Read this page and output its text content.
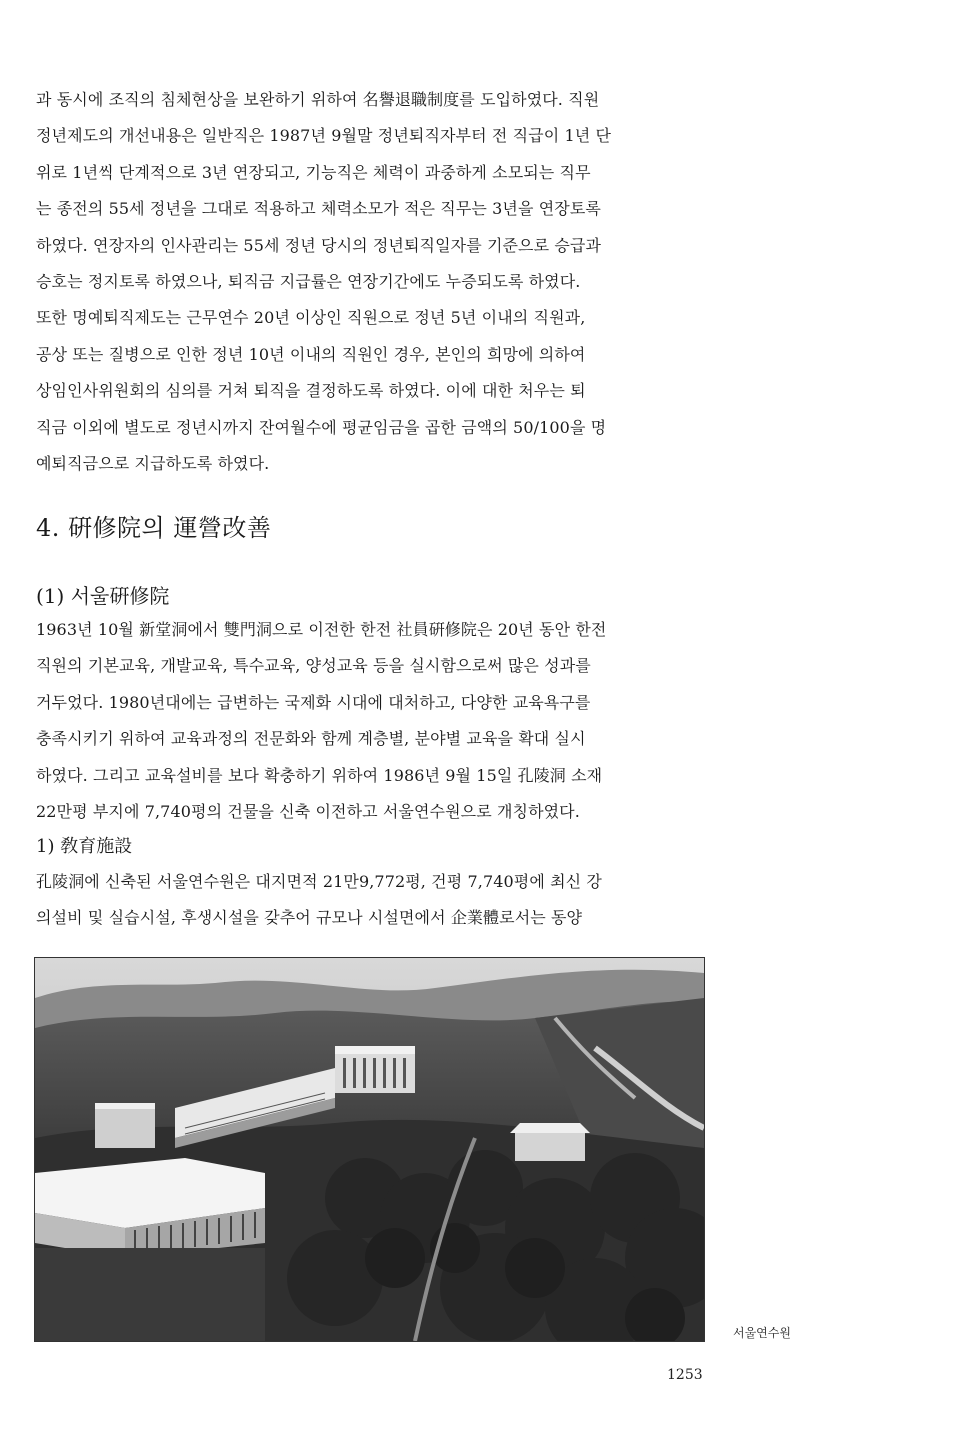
과 동시에 조직의 침체현상을 보완하기 위하여 名譽退職制度를 도입하였다. 직원
정년제도의 개선내용은 일반직은 1987년 9월말 정년퇴직자부터 전 직급이 1년 단
위로 1년씩 단계적으로 3년 연장되고, 기능직은 체력이 과중하게 소모되는 직무
는 종전의 55세 정년을 그대로 적용하고 체력소모가 적은 직무는 3년을 연장토록
하였다. 연장자의 인사관리는 55세 정년 당시의 정년퇴직일자를 기준으로 승급과
승호는 정지토록 하였으나, 퇴직금 지급률은 연장기간에도 누증되도록 하였다.
또한 명예퇴직제도는 근무연수 20년 이상인 직원으로 정년 5년 이내의 직원과,
공상 또는 질병으로 인한 정년 10년 이내의 직원인 경우, 본인의 희망에 의하여
상임인사위원회의 심의를 거쳐 퇴직을 결정하도록 하였다. 이에 대한 처우는 퇴
직금 이외에 별도로 정년시까지 잔여월수에 평균임금을 곱한 금액의 50/100을 명
예퇴직금으로 지급하도록 하였다.

4. 硏修院의 運營改善
(1) 서울硏修院

1963년 10월 新堂洞에서 雙門洞으로 이전한 한전 社員硏修院은 20년 동안 한전
직원의 기본교육, 개발교육, 특수교육, 양성교육 등을 실시함으로써 많은 성과를
거두었다. 1980년대에는 급변하는 국제화 시대에 대처하고, 다양한 교육욕구를
충족시키기 위하여 교육과정의 전문화와 함께 계층별, 분야별 교육을 확대 실시
하였다. 그리고 교육설비를 보다 확충하기 위하여 1986년 9월 15일 孔陵洞 소재
22만평 부지에 7,740평의 건물을 신축 이전하고 서울연수원으로 개칭하였다.

1) 敎育施設

孔陵洞에 신축된 서울연수원은 대지면적 21만9,772평, 건평 7,740평에 최신 강
의설비 및 실습시설, 후생시설을 갖추어 규모나 시설면에서 企業體로서는 동양

서울연수원
1253
